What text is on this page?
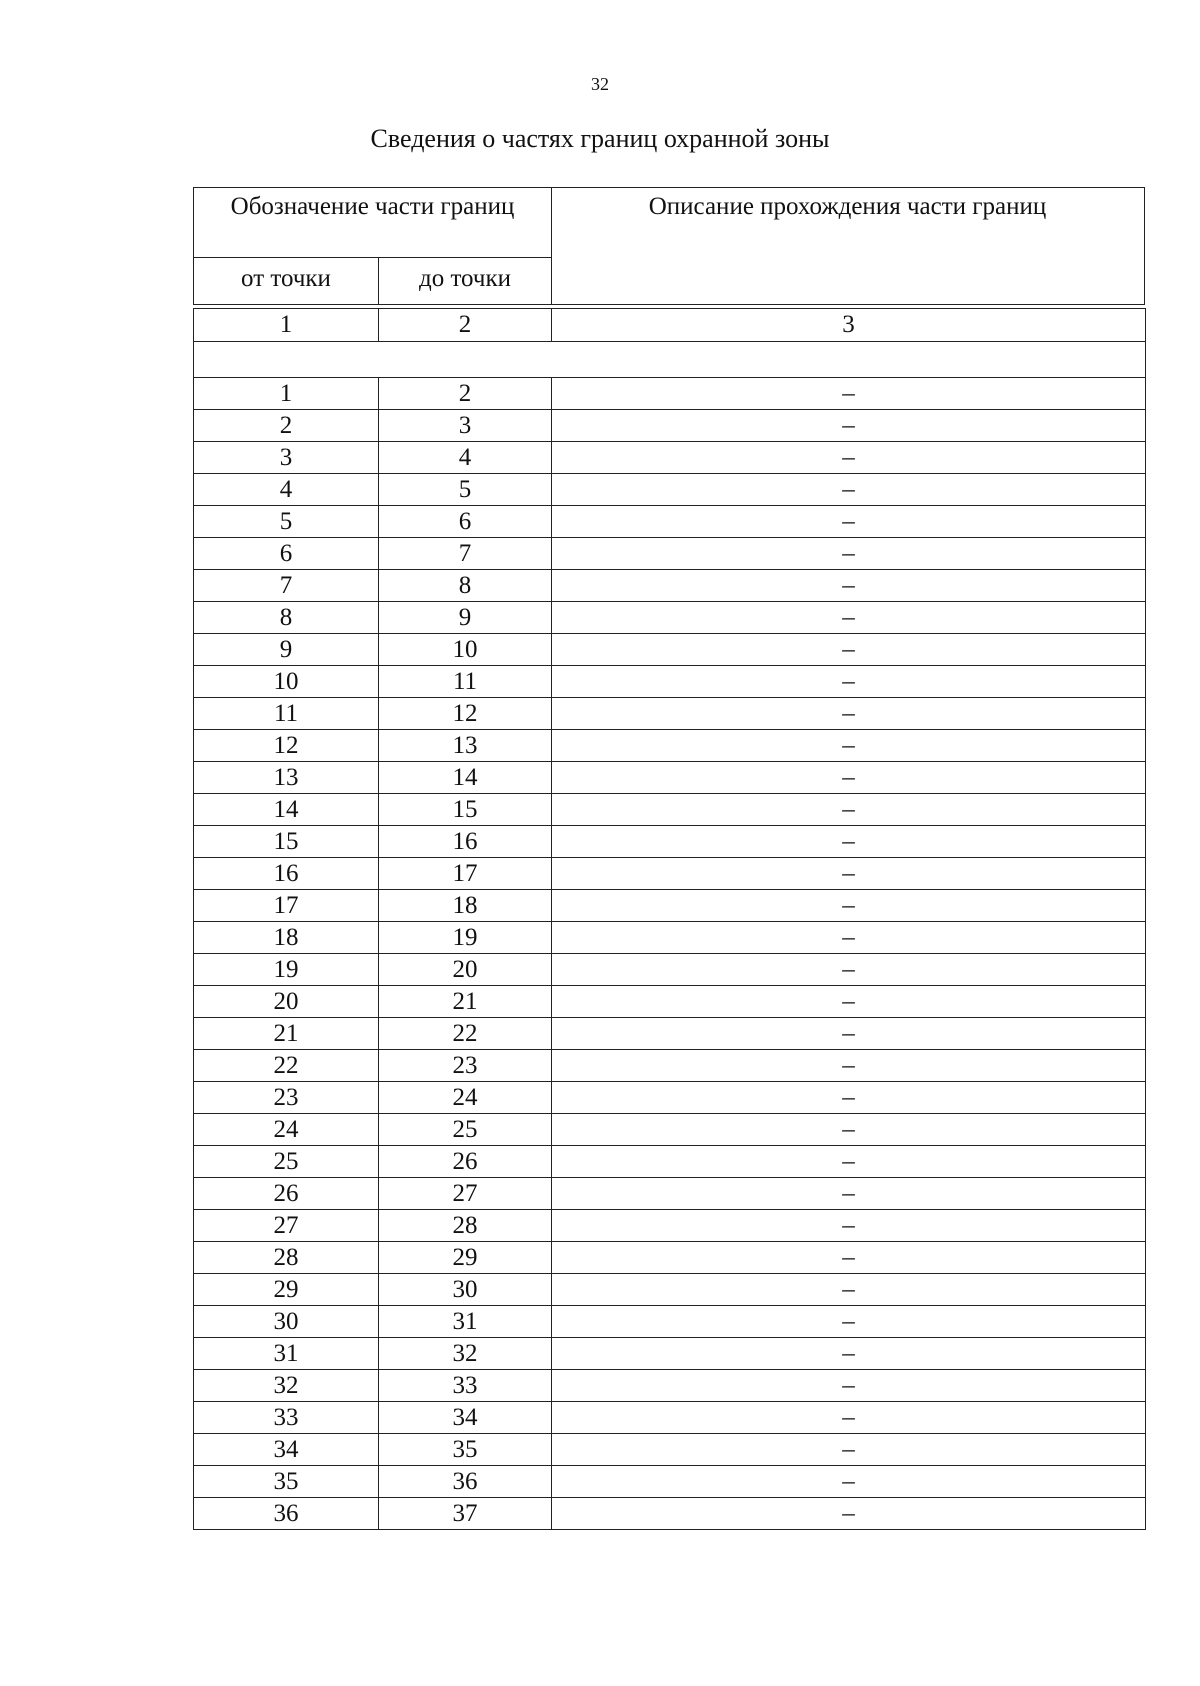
32
Сведения о частях границ охранной зоны
Обозначение части границ
от точки	до точки
Описание прохождения части границ
1	2	3

1	2	–
2	3	–
3	4	–
4	5	–
5	6	–
6	7	–
7	8	–
8	9	–
9	10	–
10	11	–
11	12	–
12	13	–
13	14	–
14	15	–
15	16	–
16	17	–
17	18	–
18	19	–
19	20	–
20	21	–
21	22	–
22	23	–
23	24	–
24	25	–
25	26	–
26	27	–
27	28	–
28	29	–
29	30	–
30	31	–
31	32	–
32	33	–
33	34	–
34	35	–
35	36	–
36	37	–
